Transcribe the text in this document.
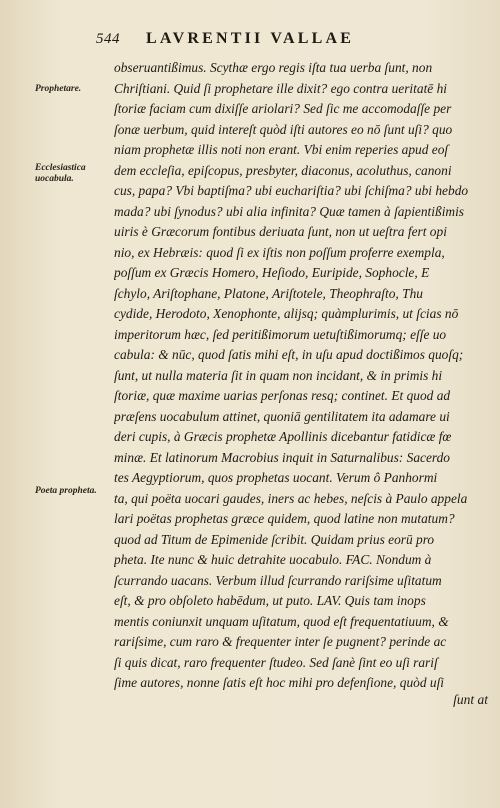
544 LAVRENTII VALLAE
Prophetare.
Ecclesiastica uocabula.
Poeta propheta.
obseruantißimus. Scythæ ergo regis iſta tua uerba ſunt, non
Chriſtiani. Quid ſi prophetare ille dixit? ego contra ueritatē hi
ſtoriæ faciam cum dixiſſe ariolari? Sed ſic me accomodaſſe per
ſonæ uerbum, quid intereſt quòd iſti autores eo nō ſunt uſi? quo
niam prophetæ illis noti non erant. Vbi enim reperies apud eoſ
dem eccleſia, epiſcopus, presbyter, diaconus, acoluthus, canoni
cus, papa? Vbi baptiſma? ubi euchariſtia? ubi ſchiſma? ubi hebdo
mada? ubi ſynodus? ubi alia infinita? Quæ tamen à ſapientißimis
uiris è Græcorum fontibus deriuata ſunt, non ut ueſtra fert opi
nio, ex Hebræis: quod ſi ex iſtis non poſſum proferre exempla,
poſſum ex Græcis Homero, Heſiodo, Euripide, Sophocle, E
ſchylo, Ariſtophane, Platone, Ariſtotele, Theophraſto, Thu
cydide, Herodoto, Xenophonte, alijsq; quàmplurimis, ut ſcias nō
imperitorum hæc, ſed peritißimorum uetuſtißimorumq; eſſe uo
cabula: & nūc, quod ſatis mihi eſt, in uſu apud doctißimos quoſq;
ſunt, ut nulla materia ſit in quam non incidant, & in primis hi
ſtoriæ, quæ maxime uarias perſonas resq; continet. Et quod ad
præſens uocabulum attinet, quoniā gentilitatem ita adamare ui
deri cupis, à Græcis prophetæ Apollinis dicebantur fatidicæ fœ
minæ. Et latinorum Macrobius inquit in Saturnalibus: Sacerdo
tes Aegyptiorum, quos prophetas uocant. Verum ô Panhormi
ta, qui poëta uocari gaudes, iners ac hebes, neſcis à Paulo appela
lari poëtas prophetas græce quidem, quod latine non mutatum?
quod ad Titum de Epimenide ſcribit. Quidam prius eorū pro
pheta. Ite nunc & huic detrahite uocabulo. FAC. Nondum à
ſcurrando uacans. Verbum illud ſcurrando rariſsime uſitatum
eſt, & pro obſoleto habēdum, ut puto. LAV. Quis tam inops
mentis coniunxit unquam uſitatum, quod eſt frequentatiuum, &
rariſsime, cum raro & frequenter inter ſe pugnent? perinde ac
ſi quis dicat, raro frequenter ſtudeo. Sed ſanè ſint eo uſi rariſ
ſime autores, nonne ſatis eſt hoc mihi pro defenſione, quòd uſi
ſunt at
